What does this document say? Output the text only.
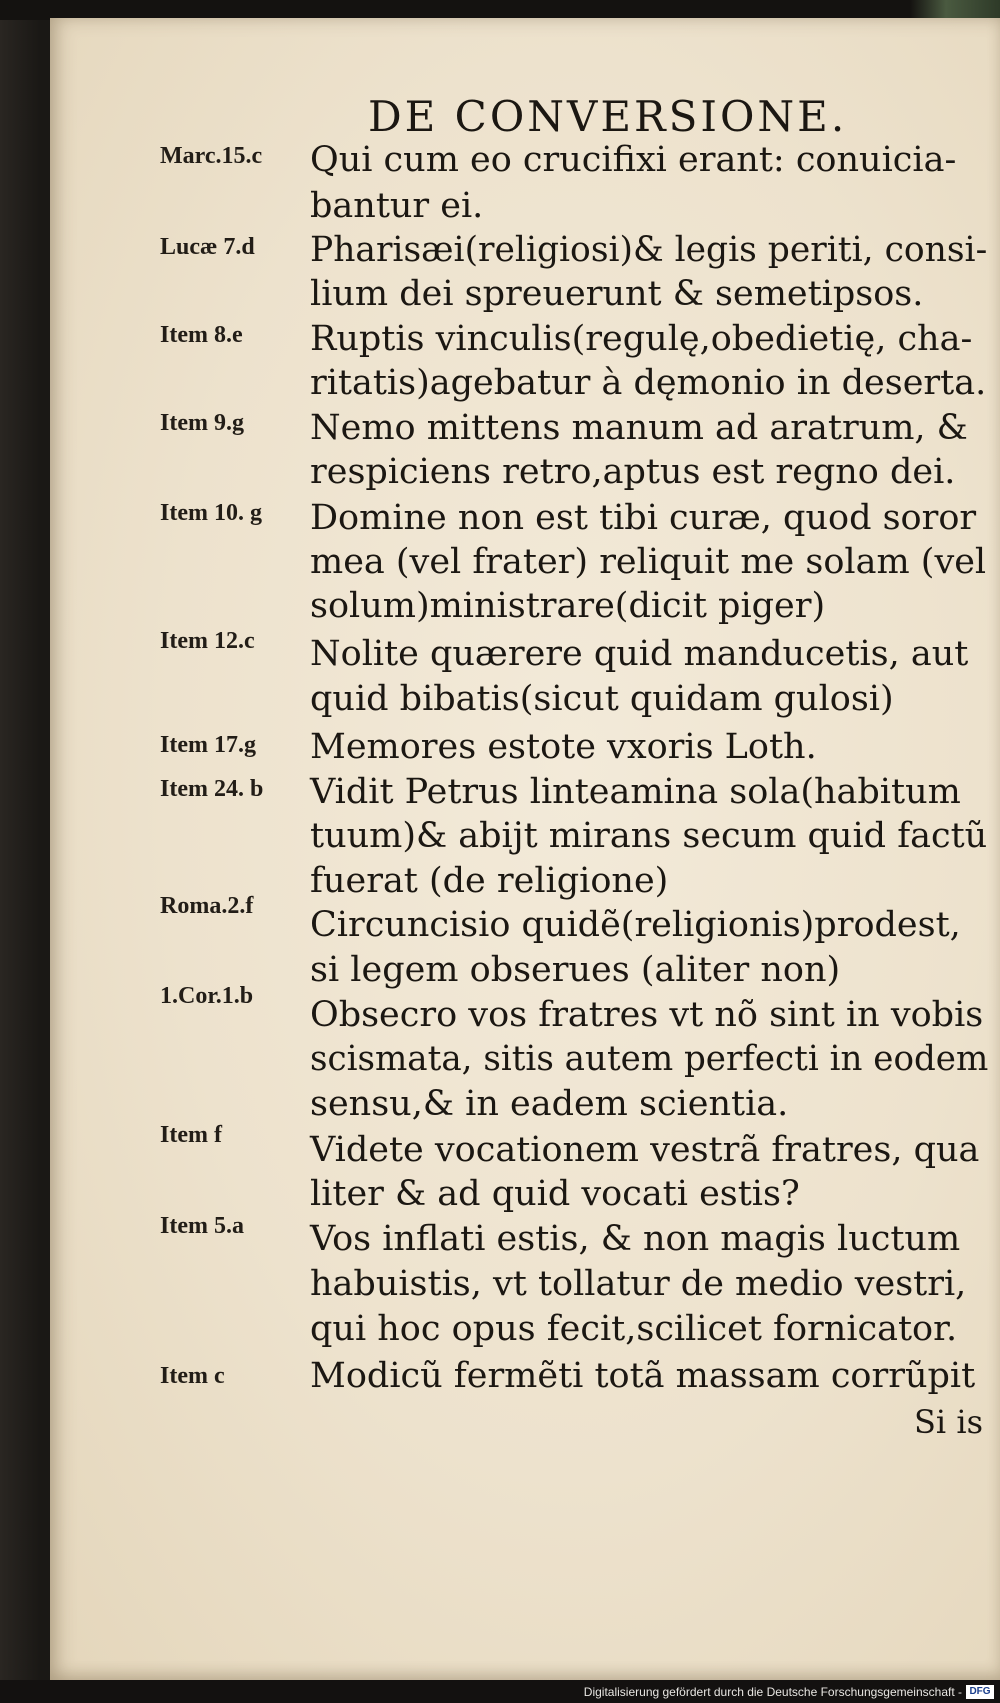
DE CONVERSIONE.
Marc.15.c
Lucæ 7.d
Item 8.e
Item 9.g
Item 10. g
Item 12.c
Item 17.g
Item 24. b
Roma.2.f
1.Cor.1.b
Item f
Item 5.a
Item c
Qui cum eo crucifixi erant: conuicia-
bantur ei.
Pharisæi(religiosi)& legis periti, consi-
lium dei spreuerunt & semetipsos.
Ruptis vinculis(regulę,obedietię, cha-
ritatis)agebatur à dęmonio in deserta.
Nemo mittens manum ad aratrum, &
respiciens retro,aptus est regno dei.
Domine non est tibi curæ, quod soror
mea (vel frater) reliquit me solam (vel
solum)ministrare(dicit piger)
Nolite quærere quid manducetis, aut
quid bibatis(sicut quidam gulosi)
Memores estote vxoris Loth.
Vidit Petrus linteamina sola(habitum
tuum)& abijt mirans secum quid factũ
fuerat (de religione)
Circuncisio quidẽ(religionis)prodest,
si legem obserues (aliter non)
Obsecro vos fratres vt nõ sint in vobis
scismata, sitis autem perfecti in eodem
sensu,& in eadem scientia.
Videte vocationem vestrã fratres, qua
liter & ad quid vocati estis?
Vos inflati estis, & non magis luctum
habuistis, vt tollatur de medio vestri,
qui hoc opus fecit,scilicet fornicator.
Modicũ fermẽti totã massam corrũpit
Si is
Digitalisierung gefördert durch die Deutsche Forschungsgemeinschaft - DFG
